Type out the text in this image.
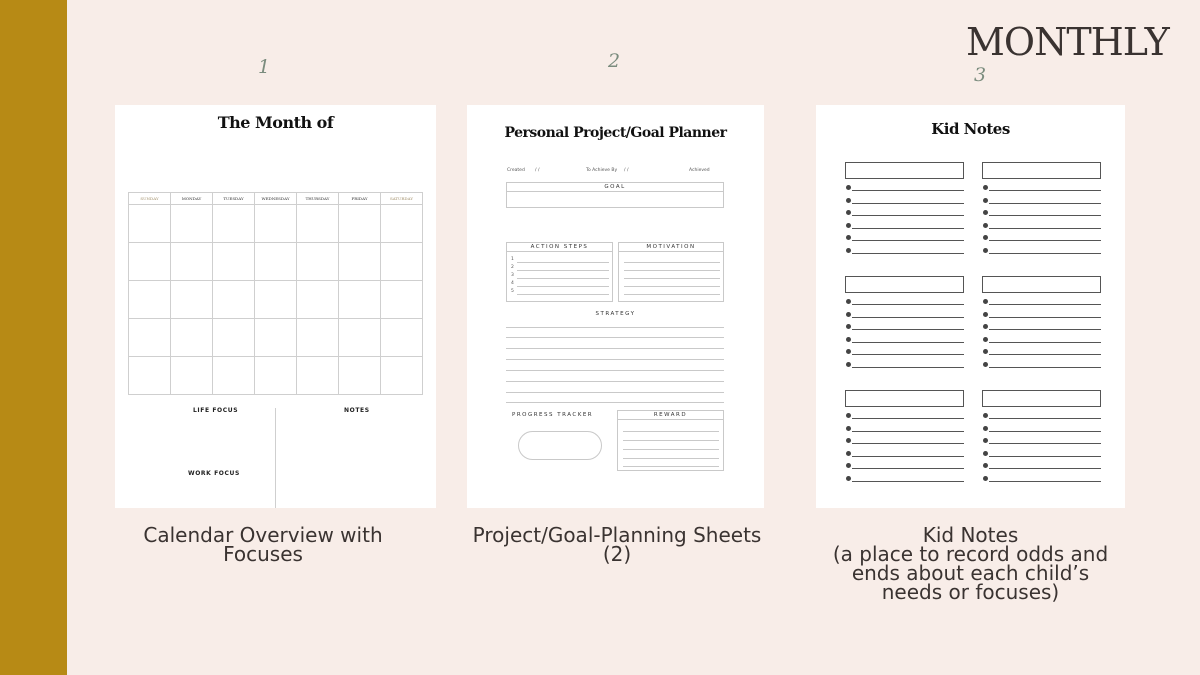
MONTHLY
1	2
3
The Month of
SUNDAY	MONDAY	TUESDAY	WEDNESDAY	THURSDAY	FRIDAY	SATURDAY

LIFE FOCUS	NOTES
WORK FOCUS
Personal Project/Goal Planner
Created / /	To Achieve By / /	Achieved
GOAL
ACTION STEPS
1
2
3
4
5
MOTIVATION
STRATEGY
PROGRESS TRACKER	REWARD
Kid Notes
Calendar Overview with
Focuses
Project/Goal-Planning Sheets
(2)
Kid Notes
(a place to record odds and
ends about each child’s
needs or focuses)
